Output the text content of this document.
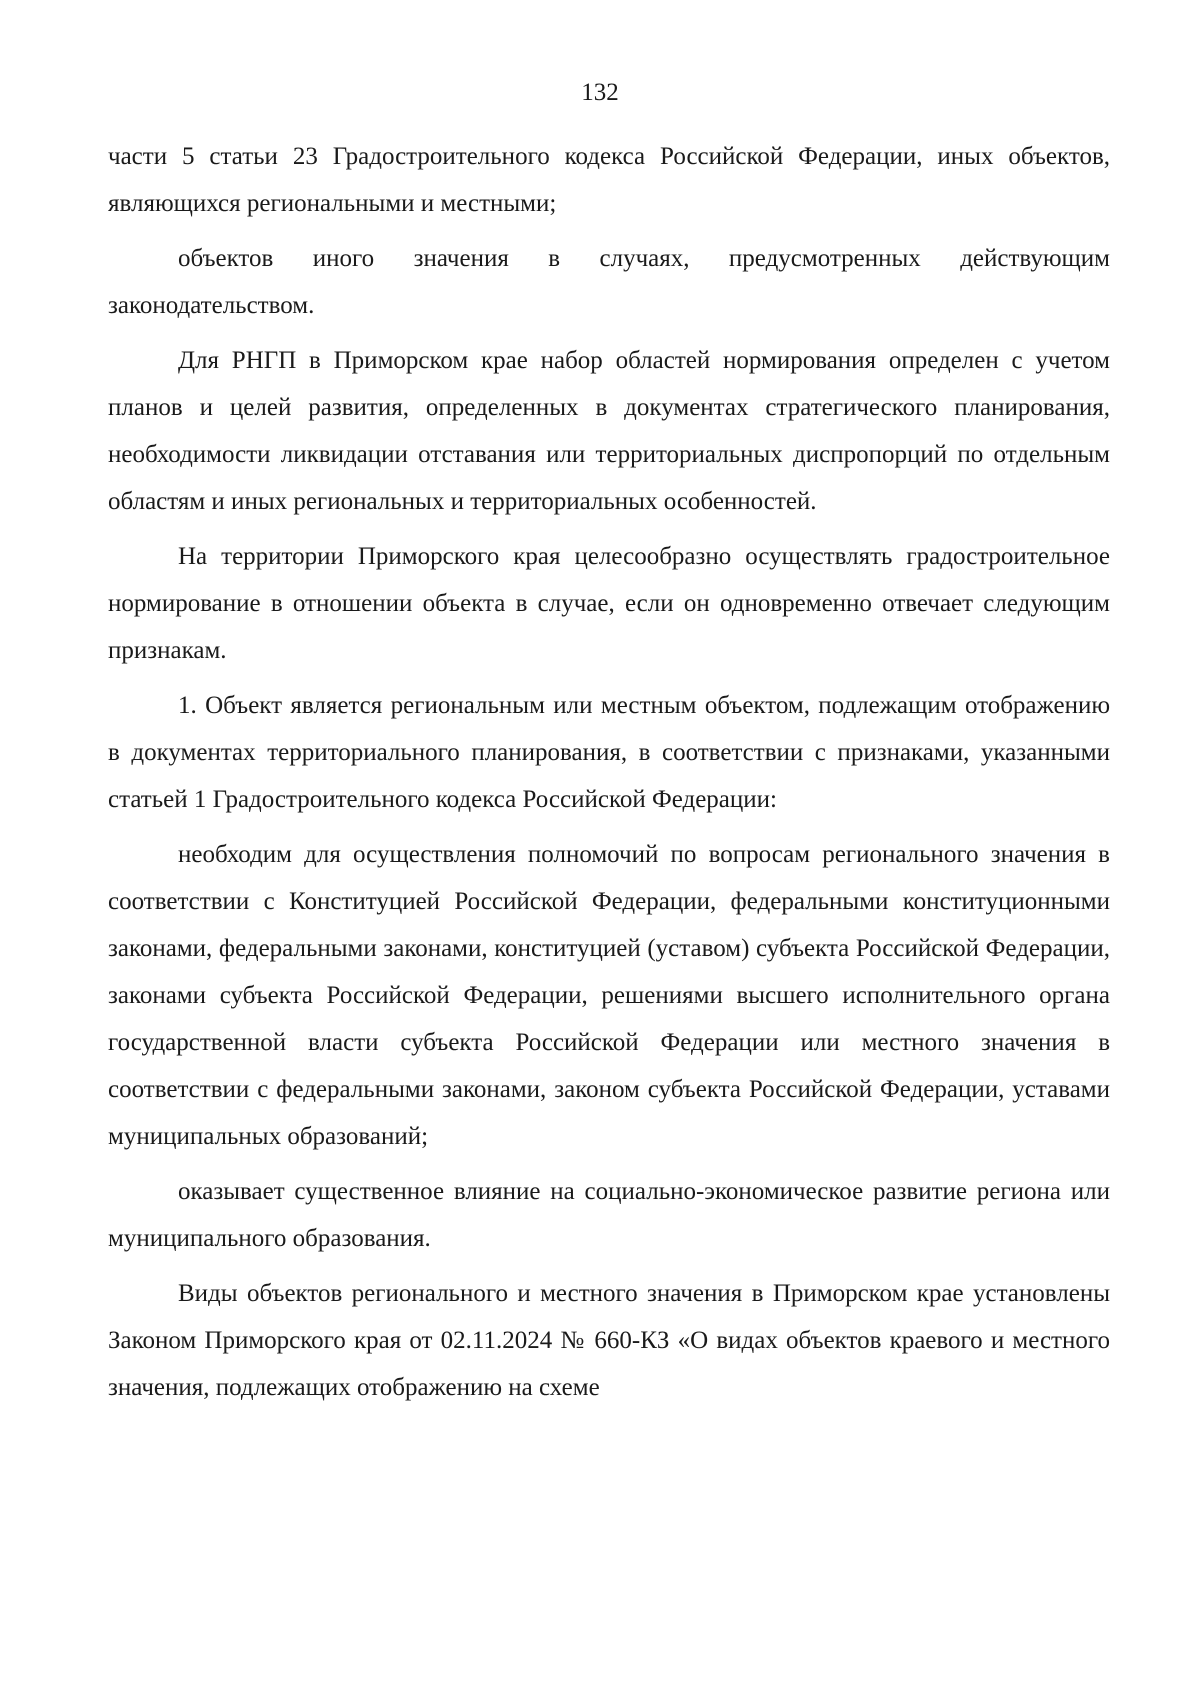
132

части 5 статьи 23 Градостроительного кодекса Российской Федерации, иных объектов, являющихся региональными и местными;

объектов иного значения в случаях, предусмотренных действующим законодательством.

Для РНГП в Приморском крае набор областей нормирования определен с учетом планов и целей развития, определенных в документах стратегического планирования, необходимости ликвидации отставания или территориальных диспропорций по отдельным областям и иных региональных и территориальных особенностей.

На территории Приморского края целесообразно осуществлять градостроительное нормирование в отношении объекта в случае, если он одновременно отвечает следующим признакам.

1. Объект является региональным или местным объектом, подлежащим отображению в документах территориального планирования, в соответствии с признаками, указанными статьей 1 Градостроительного кодекса Российской Федерации:

необходим для осуществления полномочий по вопросам регионального значения в соответствии с Конституцией Российской Федерации, федеральными конституционными законами, федеральными законами, конституцией (уставом) субъекта Российской Федерации, законами субъекта Российской Федерации, решениями высшего исполнительного органа государственной власти субъекта Российской Федерации или местного значения в соответствии с федеральными законами, законом субъекта Российской Федерации, уставами муниципальных образований;

оказывает существенное влияние на социально-экономическое развитие региона или муниципального образования.

Виды объектов регионального и местного значения в Приморском крае установлены Законом Приморского края от 02.11.2024 № 660-КЗ «О видах объектов краевого и местного значения, подлежащих отображению на схеме
